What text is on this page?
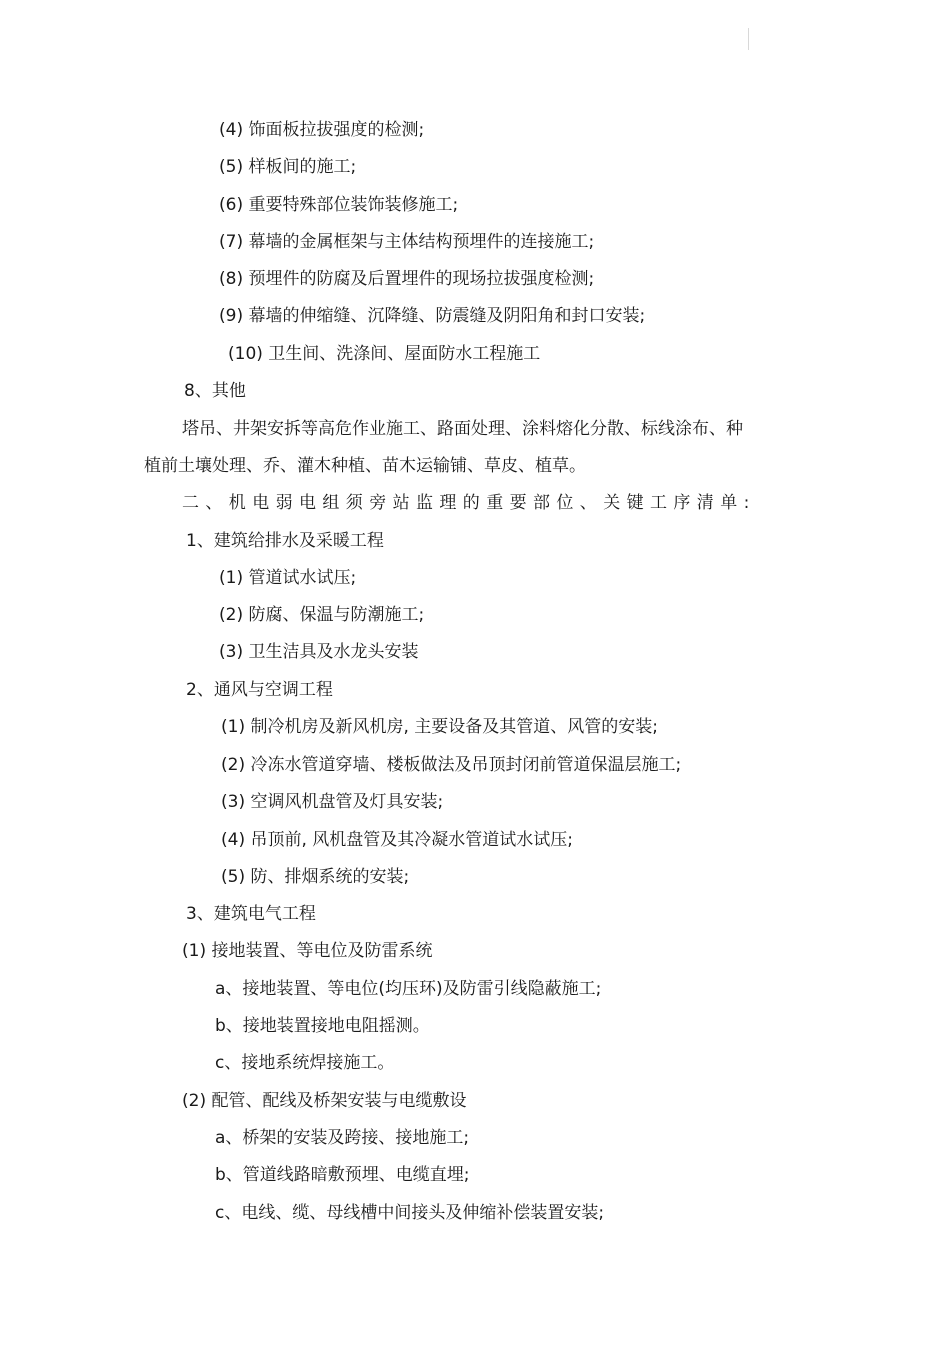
(4) 饰面板拉拔强度的检测;
(5) 样板间的施工;
(6) 重要特殊部位装饰装修施工;
(7) 幕墙的金属框架与主体结构预埋件的连接施工;
(8) 预埋件的防腐及后置埋件的现场拉拔强度检测;
(9) 幕墙的伸缩缝、沉降缝、防震缝及阴阳角和封口安装;
(10) 卫生间、洗涤间、屋面防水工程施工
8、其他
塔吊、井架安拆等高危作业施工、路面处理、涂料熔化分散、标线涂布、种
植前土壤处理、乔、灌木种植、苗木运输铺、草皮、植草。
二、机电弱电组须旁站监理的重要部位、关键工序清单:
1、建筑给排水及采暖工程
(1) 管道试水试压;
(2) 防腐、保温与防潮施工;
(3) 卫生洁具及水龙头安装
2、通风与空调工程
(1) 制冷机房及新风机房, 主要设备及其管道、风管的安装;
(2) 冷冻水管道穿墙、楼板做法及吊顶封闭前管道保温层施工;
(3) 空调风机盘管及灯具安装;
(4) 吊顶前, 风机盘管及其冷凝水管道试水试压;
(5) 防、排烟系统的安装;
3、建筑电气工程
(1) 接地装置、等电位及防雷系统
a、接地装置、等电位(均压环)及防雷引线隐蔽施工;
b、接地装置接地电阻摇测。
c、接地系统焊接施工。
(2) 配管、配线及桥架安装与电缆敷设
a、桥架的安装及跨接、接地施工;
b、管道线路暗敷预埋、电缆直埋;
c、电线、缆、母线槽中间接头及伸缩补偿装置安装;
